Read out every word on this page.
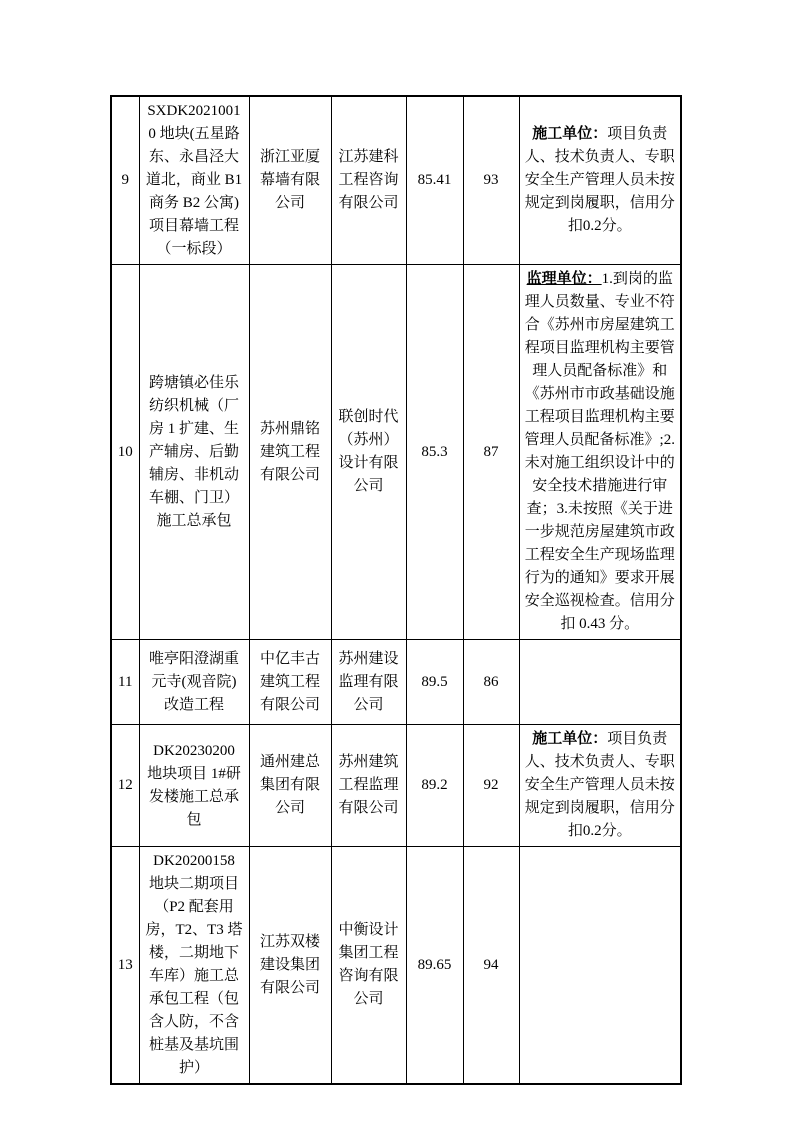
9	SXDK20210010 地块(五星路东、永昌泾大道北，商业 B1 商务 B2 公寓)项目幕墙工程（一标段）	浙江亚厦幕墙有限公司	江苏建科工程咨询有限公司	85.41	93	施工单位：项目负责人、技术负责人、专职安全生产管理人员未按规定到岗履职，信用分扣0.2分。
10	跨塘镇必佳乐纺织机械（厂房 1 扩建、生产辅房、后勤辅房、非机动车棚、门卫）施工总承包	苏州鼎铭建筑工程有限公司	联创时代（苏州）设计有限公司	85.3	87	监理单位：1.到岗的监理人员数量、专业不符合《苏州市房屋建筑工程项目监理机构主要管理人员配备标准》和《苏州市市政基础设施工程项目监理机构主要管理人员配备标准》;2.未对施工组织设计中的安全技术措施进行审查；3.未按照《关于进一步规范房屋建筑市政工程安全生产现场监理行为的通知》要求开展安全巡视检查。信用分扣 0.43 分。
11	唯亭阳澄湖重元寺(观音院)改造工程	中亿丰古建筑工程有限公司	苏州建设监理有限公司	89.5	86	
12	DK20230200 地块项目 1#研发楼施工总承包	通州建总集团有限公司	苏州建筑工程监理有限公司	89.2	92	施工单位：项目负责人、技术负责人、专职安全生产管理人员未按规定到岗履职，信用分扣0.2分。
13	DK20200158 地块二期项目（P2 配套用房，T2、T3 塔楼，二期地下车库）施工总承包工程（包含人防，不含桩基及基坑围护）	江苏双楼建设集团有限公司	中衡设计集团工程咨询有限公司	89.65	94	
